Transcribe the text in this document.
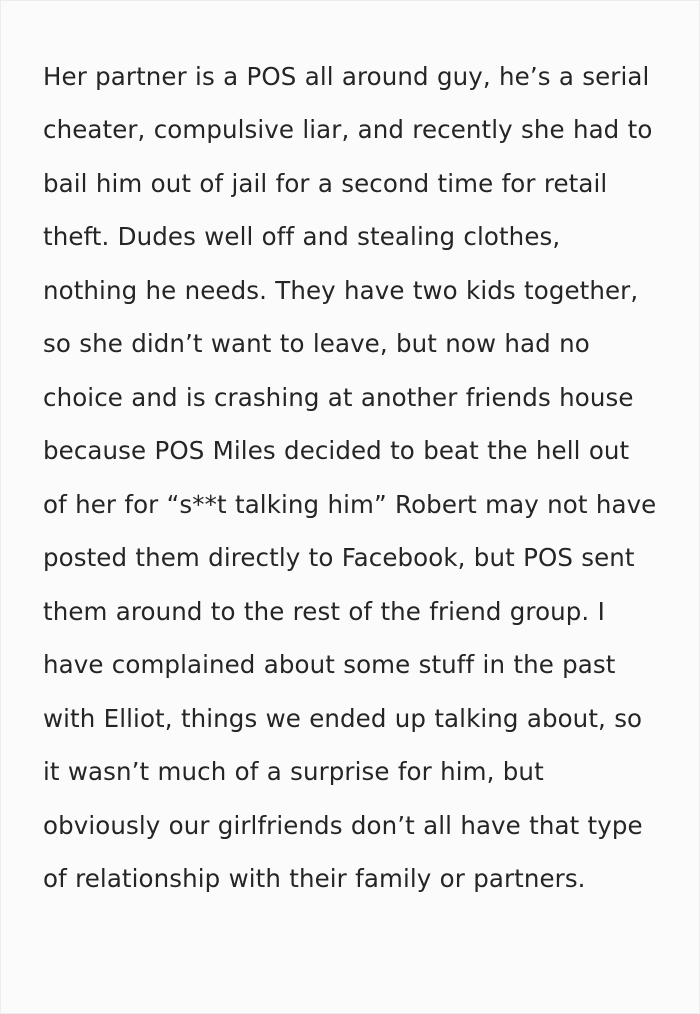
Her partner is a POS all around guy, he’s a serial cheater, compulsive liar, and recently she had to bail him out of jail for a second time for retail theft. Dudes well off and stealing clothes, nothing he needs. They have two kids together, so she didn’t want to leave, but now had no choice and is crashing at another friends house because POS Miles decided to beat the hell out of her for “s**t talking him” Robert may not have posted them directly to Facebook, but POS sent them around to the rest of the friend group. I have complained about some stuff in the past with Elliot, things we ended up talking about, so it wasn’t much of a surprise for him, but obviously our girlfriends don’t all have that type of relationship with their family or partners.
